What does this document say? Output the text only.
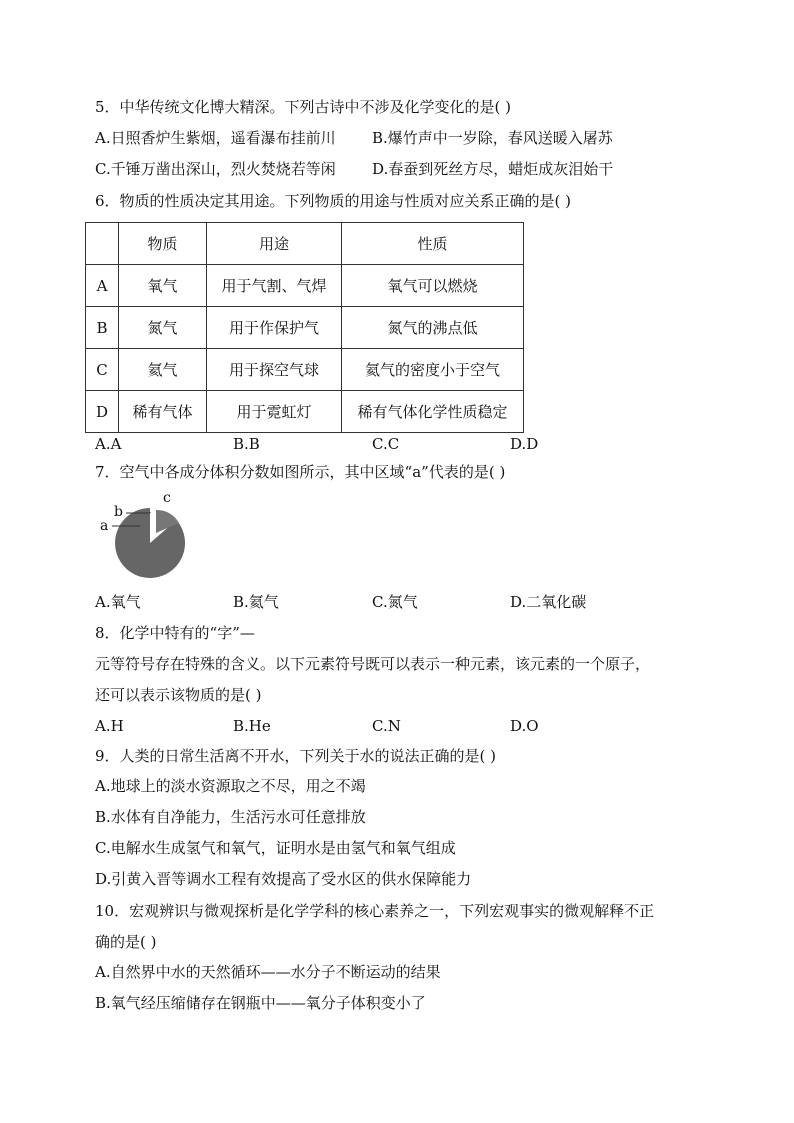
5．中华传统文化博大精深。下列古诗中不涉及化学变化的是( )
A.日照香炉生紫烟，遥看瀑布挂前川 B.爆竹声中一岁除，春风送暖入屠苏
C.千锤万凿出深山，烈火焚烧若等闲 D.春蚕到死丝方尽，蜡炬成灰泪始干
6．物质的性质决定其用途。下列物质的用途与性质对应关系正确的是( )
	物质	用途	性质
A	氧气	用于气割、气焊	氧气可以燃烧
B	氮气	用于作保护气	氮气的沸点低
C	氦气	用于探空气球	氦气的密度小于空气
D	稀有气体	用于霓虹灯	稀有气体化学性质稳定
A.A	B.B	C.C	D.D
7．空气中各成分体积分数如图所示，其中区域“a”代表的是( )
a
b
c
A.氧气	B.氦气	C.氮气	D.二氧化碳
8．化学中特有的“字”—
元等符号存在特殊的含义。以下元素符号既可以表示一种元素，该元素的一个原子，
还可以表示该物质的是( )
A.H	B.He	C.N	D.O
9．人类的日常生活离不开水，下列关于水的说法正确的是( )
A.地球上的淡水资源取之不尽，用之不竭
B.水体有自净能力，生活污水可任意排放
C.电解水生成氢气和氧气，证明水是由氢气和氧气组成
D.引黄入晋等调水工程有效提高了受水区的供水保障能力
10．宏观辨识与微观探析是化学学科的核心素养之一，下列宏观事实的微观解释不正
确的是( )
A.自然界中水的天然循环——水分子不断运动的结果
B.氧气经压缩储存在钢瓶中——氧分子体积变小了
